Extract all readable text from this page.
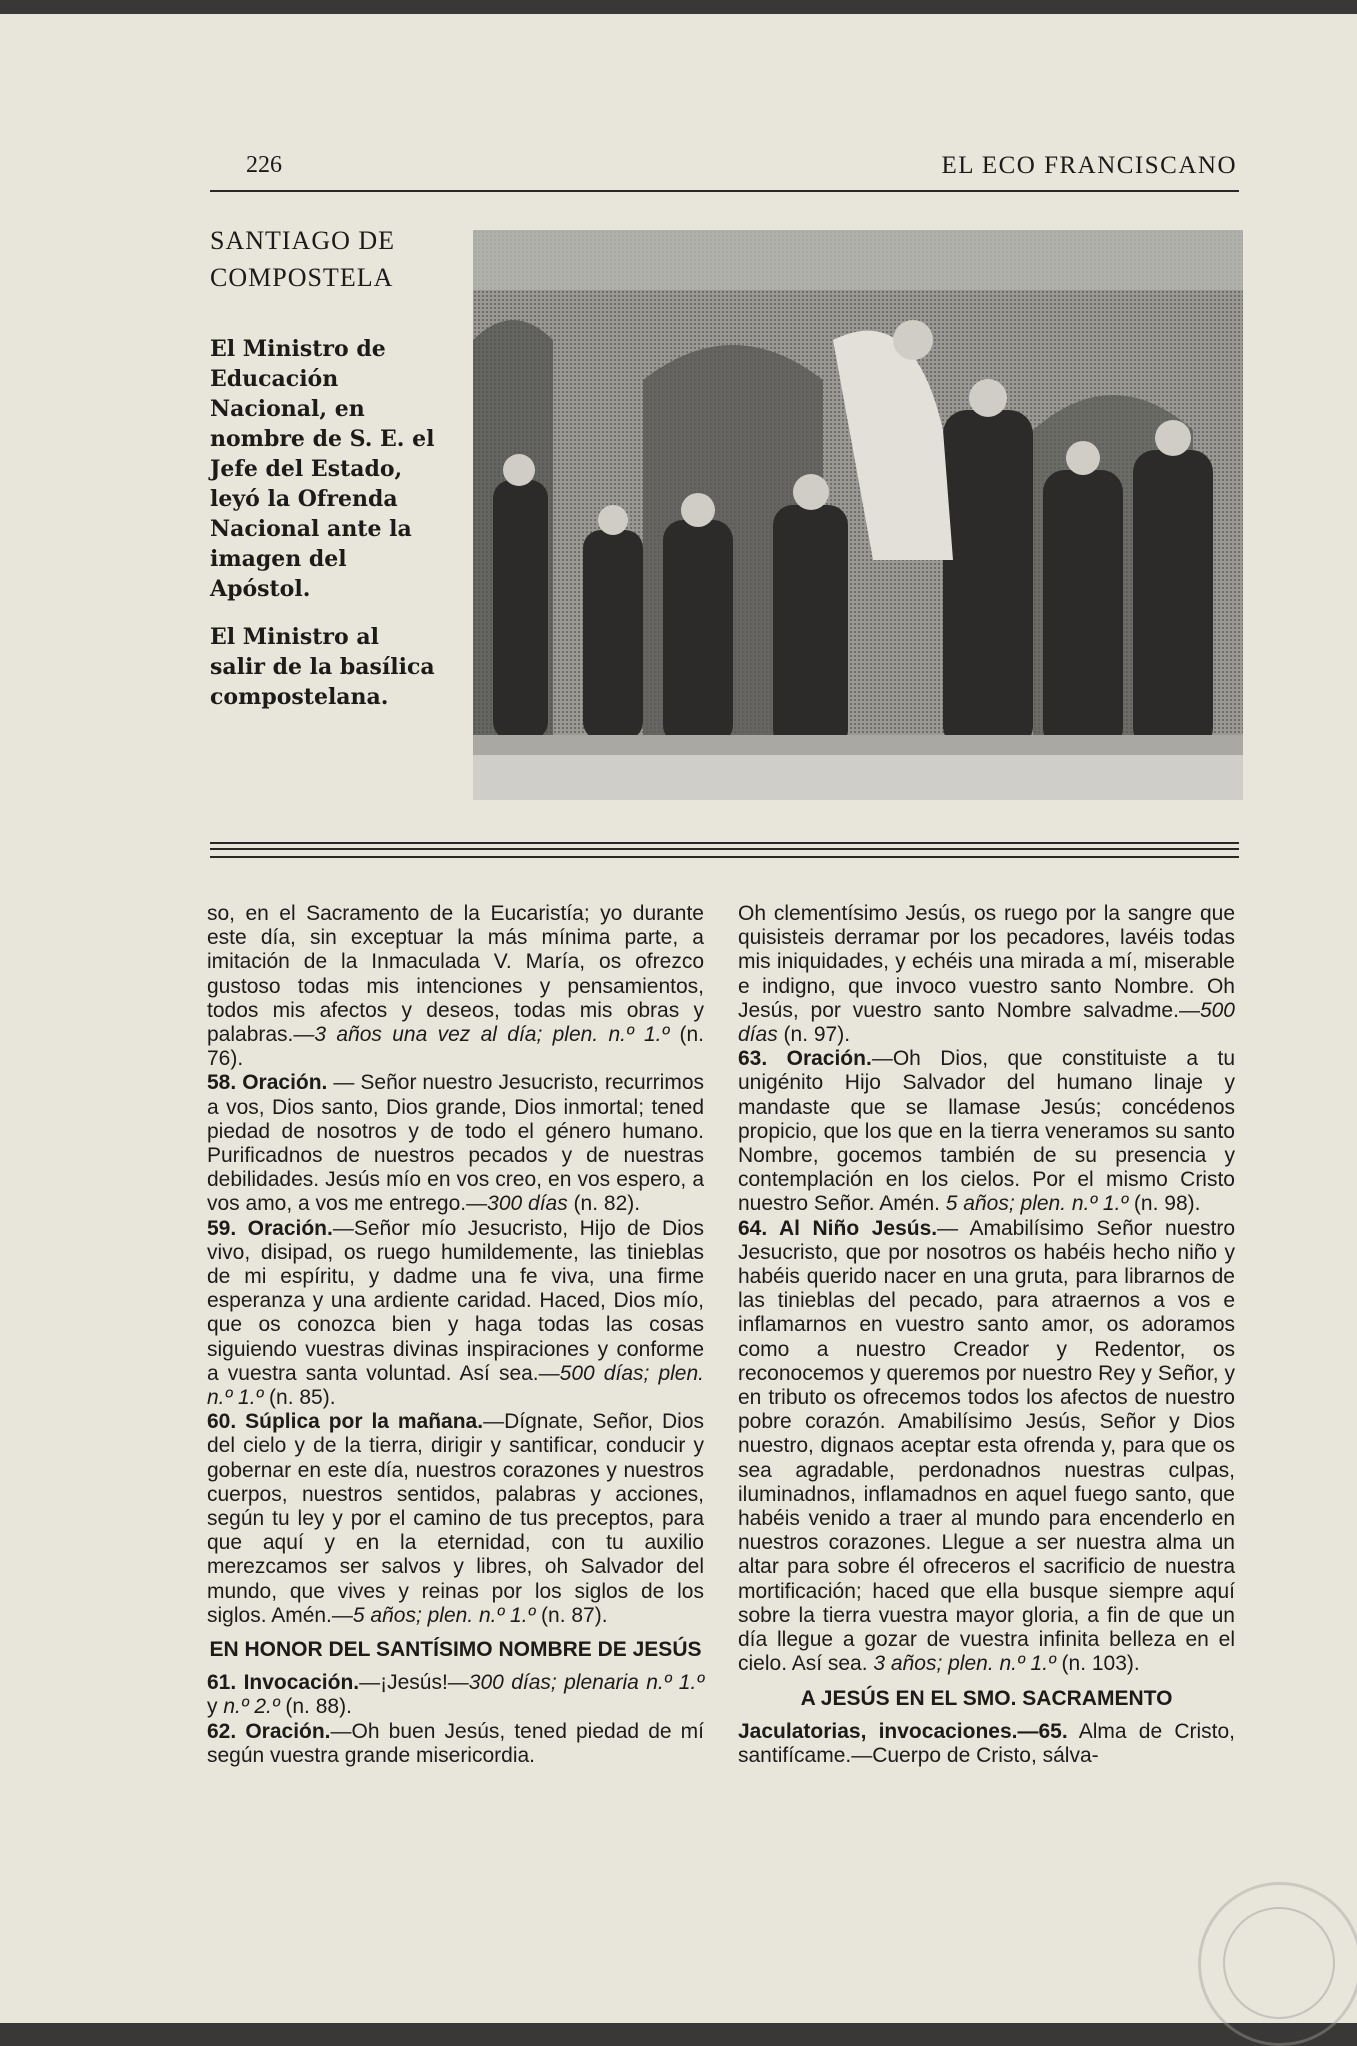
226	EL ECO FRANCISCANO
SANTIAGO DE
COMPOSTELA
El Ministro de Educación Nacional, en nombre de S. E. el Jefe del Estado, leyó la Ofrenda Nacional ante la imagen del Apóstol.
El Ministro al salir de la basílica compostelana.

so, en el Sacramento de la Eucaristía; yo durante este día, sin exceptuar la más mínima parte, a imitación de la Inmaculada V. María, os ofrezco gustoso todas mis intenciones y pensamientos, todos mis afectos y deseos, todas mis obras y palabras.—3 años una vez al día; plen. n.º 1.º (n. 76).

58. Oración. — Señor nuestro Jesucristo, recurrimos a vos, Dios santo, Dios grande, Dios inmortal; tened piedad de nosotros y de todo el género humano. Purificadnos de nuestros pecados y de nuestras debilidades. Jesús mío en vos creo, en vos espero, a vos amo, a vos me entrego.—300 días (n. 82).

59. Oración.—Señor mío Jesucristo, Hijo de Dios vivo, disipad, os ruego humildemente, las tinieblas de mi espíritu, y dadme una fe viva, una firme esperanza y una ardiente caridad. Haced, Dios mío, que os conozca bien y haga todas las cosas siguiendo vuestras divinas inspiraciones y conforme a vuestra santa voluntad. Así sea.—500 días; plen. n.º 1.º (n. 85).

60. Súplica por la mañana.—Dígnate, Señor, Dios del cielo y de la tierra, dirigir y santificar, conducir y gobernar en este día, nuestros corazones y nuestros cuerpos, nuestros sentidos, palabras y acciones, según tu ley y por el camino de tus preceptos, para que aquí y en la eternidad, con tu auxilio merezcamos ser salvos y libres, oh Salvador del mundo, que vives y reinas por los siglos de los siglos. Amén.—5 años; plen. n.º 1.º (n. 87).

EN HONOR DEL SANTÍSIMO NOMBRE DE JESÚS

61. Invocación.—¡Jesús!—300 días; plenaria n.º 1.º y n.º 2.º (n. 88).

62. Oración.—Oh buen Jesús, tened piedad de mí según vuestra grande misericordia.

Oh clementísimo Jesús, os ruego por la sangre que quisisteis derramar por los pecadores, lavéis todas mis iniquidades, y echéis una mirada a mí, miserable e indigno, que invoco vuestro santo Nombre. Oh Jesús, por vuestro santo Nombre salvadme.—500 días (n. 97).

63. Oración.—Oh Dios, que constituiste a tu unigénito Hijo Salvador del humano linaje y mandaste que se llamase Jesús; concédenos propicio, que los que en la tierra veneramos su santo Nombre, gocemos también de su presencia y contemplación en los cielos. Por el mismo Cristo nuestro Señor. Amén. 5 años; plen. n.º 1.º (n. 98).

64. Al Niño Jesús.— Amabilísimo Señor nuestro Jesucristo, que por nosotros os habéis hecho niño y habéis querido nacer en una gruta, para librarnos de las tinieblas del pecado, para atraernos a vos e inflamarnos en vuestro santo amor, os adoramos como a nuestro Creador y Redentor, os reconocemos y queremos por nuestro Rey y Señor, y en tributo os ofrecemos todos los afectos de nuestro pobre corazón. Amabilísimo Jesús, Señor y Dios nuestro, dignaos aceptar esta ofrenda y, para que os sea agradable, perdonadnos nuestras culpas, iluminadnos, inflamadnos en aquel fuego santo, que habéis venido a traer al mundo para encenderlo en nuestros corazones. Llegue a ser nuestra alma un altar para sobre él ofreceros el sacrificio de nuestra mortificación; haced que ella busque siempre aquí sobre la tierra vuestra mayor gloria, a fin de que un día llegue a gozar de vuestra infinita belleza en el cielo. Así sea. 3 años; plen. n.º 1.º (n. 103).

A JESÚS EN EL SMO. SACRAMENTO

Jaculatorias, invocaciones.—65. Alma de Cristo, santifícame.—Cuerpo de Cristo, sálva-
